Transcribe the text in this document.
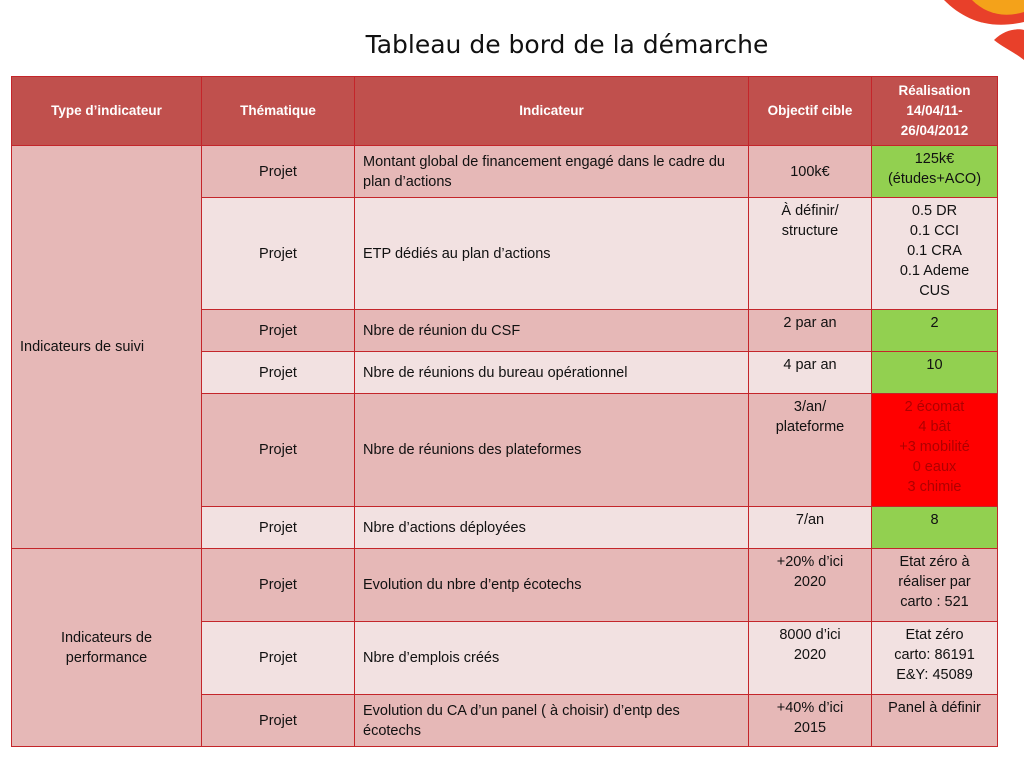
Tableau de bord de la démarche
Type d’indicateur	Thématique	Indicateur	Objectif cible	Réalisation 14/04/11-26/04/2012
Indicateurs de suivi	Projet	Montant global de financement engagé dans le cadre du plan d’actions	100k€	125k€
(études+ACO)
	Projet	ETP dédiés au plan d’actions	À définir/
structure	0.5 DR
0.1 CCI
0.1 CRA
0.1 Ademe
CUS
	Projet	Nbre de réunion du CSF	2 par an	2
	Projet	Nbre de réunions du bureau opérationnel	4 par an	10
	Projet	Nbre de réunions des plateformes	3/an/
plateforme	2 écomat
4 bât
+3 mobilité
0 eaux
3 chimie
	Projet	Nbre d’actions déployées	7/an	8
Indicateurs de performance	Projet	Evolution du nbre d’entp écotechs	+20% d’ici
2020	Etat zéro à
réaliser par
carto : 521
	Projet	Nbre d’emplois créés	8000 d’ici
2020	Etat zéro
carto: 86191
E&Y: 45089
	Projet	Evolution du CA d’un panel ( à choisir) d’entp des écotechs	+40% d’ici
2015	Panel à définir
